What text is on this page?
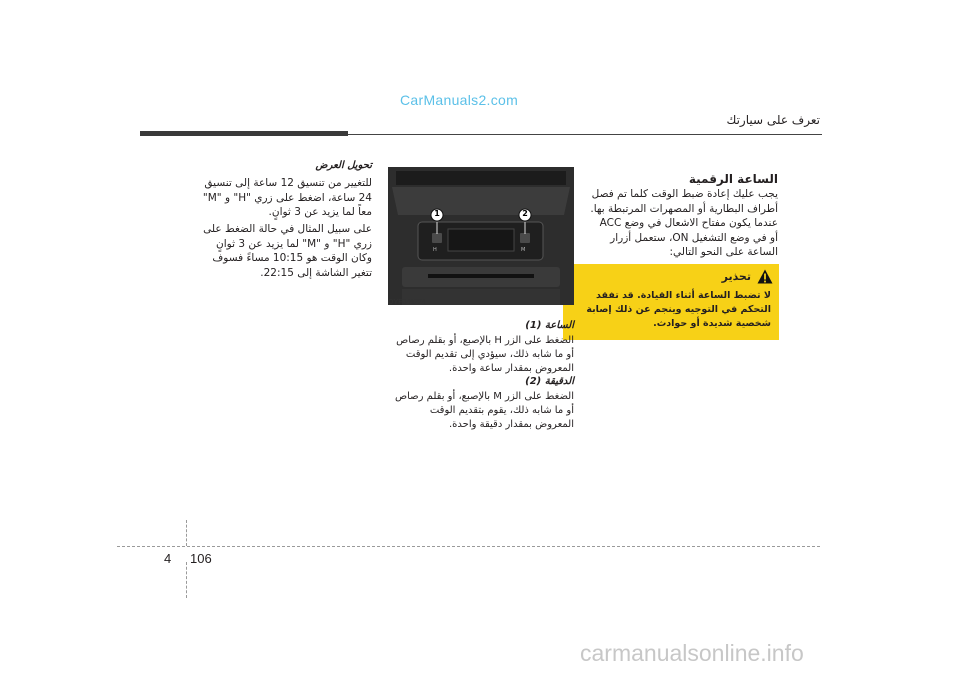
CarManuals2.com
تعرف على سيارتك
الساعة الرقمية
يجب عليك إعادة ضبط الوقت كلما تم فصل أطراف البطارية أو المصهرات المرتبطة بها. عندما يكون مفتاح الاشعال في وضع ACC أو في وضع التشغيل ON، ستعمل أزرار الساعة على النحو التالي:
تحذير
لا تضبط الساعة أثناء القيادة. قد تفقد التحكم في التوجيه وينجم عن ذلك إصابة شخصية شديدة أو حوادث.
1	2
H	M
OYF049224
الساعة (1)
الضغط على الزر H بالإصبع، أو بقلم رصاص أو ما شابه ذلك، سيؤدي إلى تقديم الوقت المعروض بمقدار ساعة واحدة.
الدقيقة (2)
الضغط على الزر M بالإصبع، أو بقلم رصاص أو ما شابه ذلك، يقوم بتقديم الوقت المعروض بمقدار دقيقة واحدة.
تحويل العرض
للتغيير من تنسيق 12 ساعة إلى تنسيق 24 ساعة، اضغط على زري "H" و "M" معاً لما يزيد عن 3 ثوانٍ.
على سبيل المثال في حالة الضغط على زري "H" و "M" لما يزيد عن 3 ثوانٍ وكان الوقت هو 10:15 مساءً فسوف تتغير الشاشة إلى 22:15.
4 106
carmanualsonline.info
